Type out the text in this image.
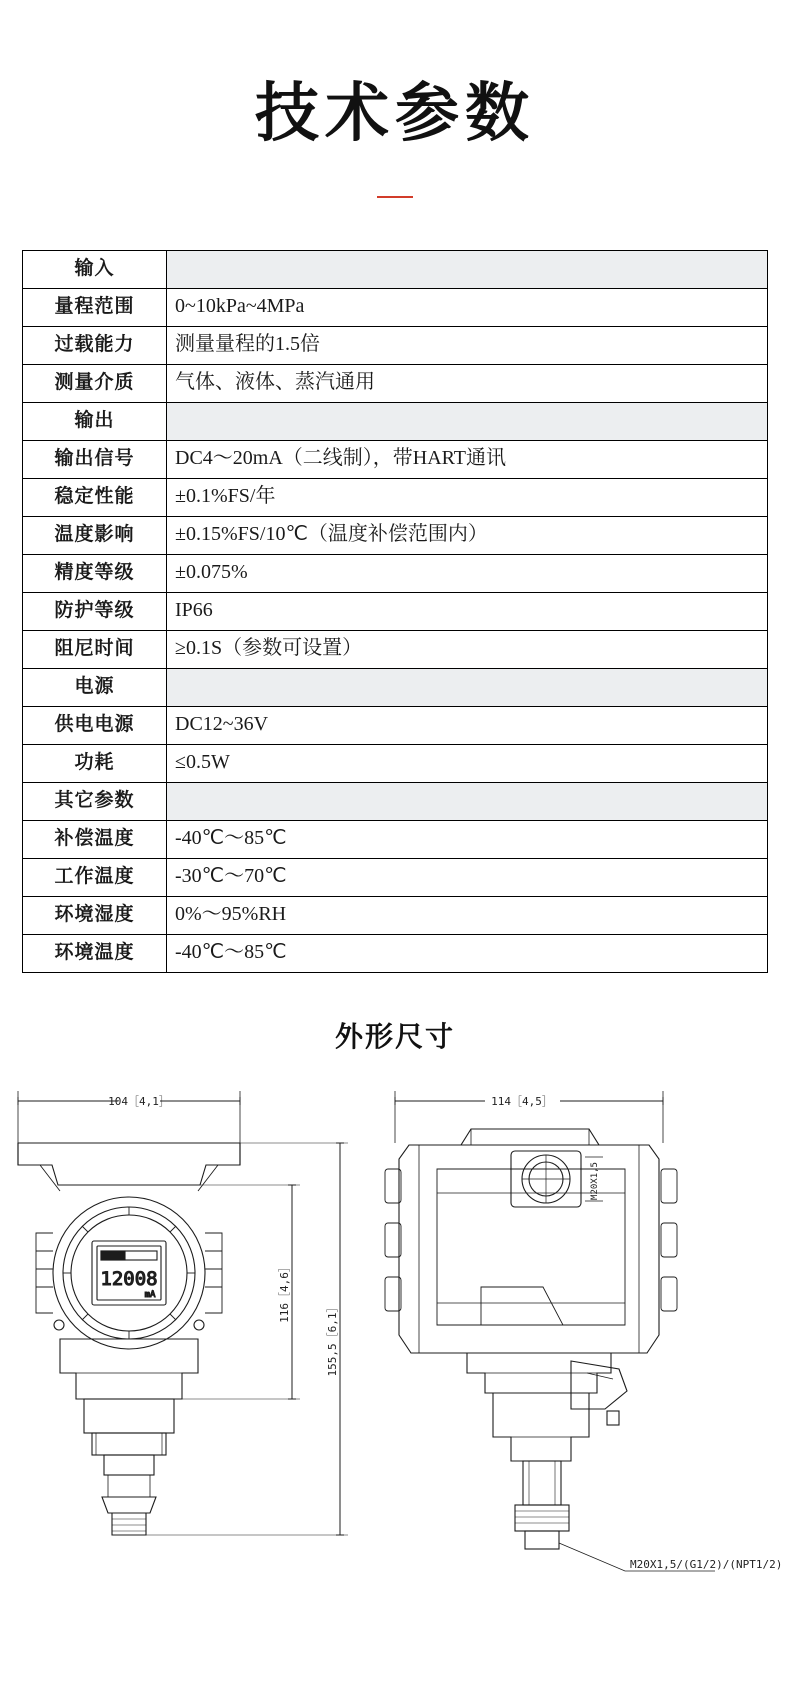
技术参数
输入	
量程范围	0~10kPa~4MPa
过载能力	测量量程的1.5倍
测量介质	气体、液体、蒸汽通用
输出	
输出信号	DC4～20mA（二线制），带HART通讯
稳定性能	±0.1%FS/年
温度影响	±0.15%FS/10℃（温度补偿范围内）
精度等级	±0.075%
防护等级	IP66
阻尼时间	≥0.1S（参数可设置）
电源	
供电电源	DC12~36V
功耗	≤0.5W
其它参数	
补偿温度	-40℃～85℃
工作温度	-30℃～70℃
环境湿度	0%～95%RH
环境温度	-40℃～85℃
外形尺寸
12008
mA
104［4,1］
116［4,6］
155,5［6,1］
114［4,5］
M20X1,5
M20X1,5/(G1/2)/(NPT1/2)
